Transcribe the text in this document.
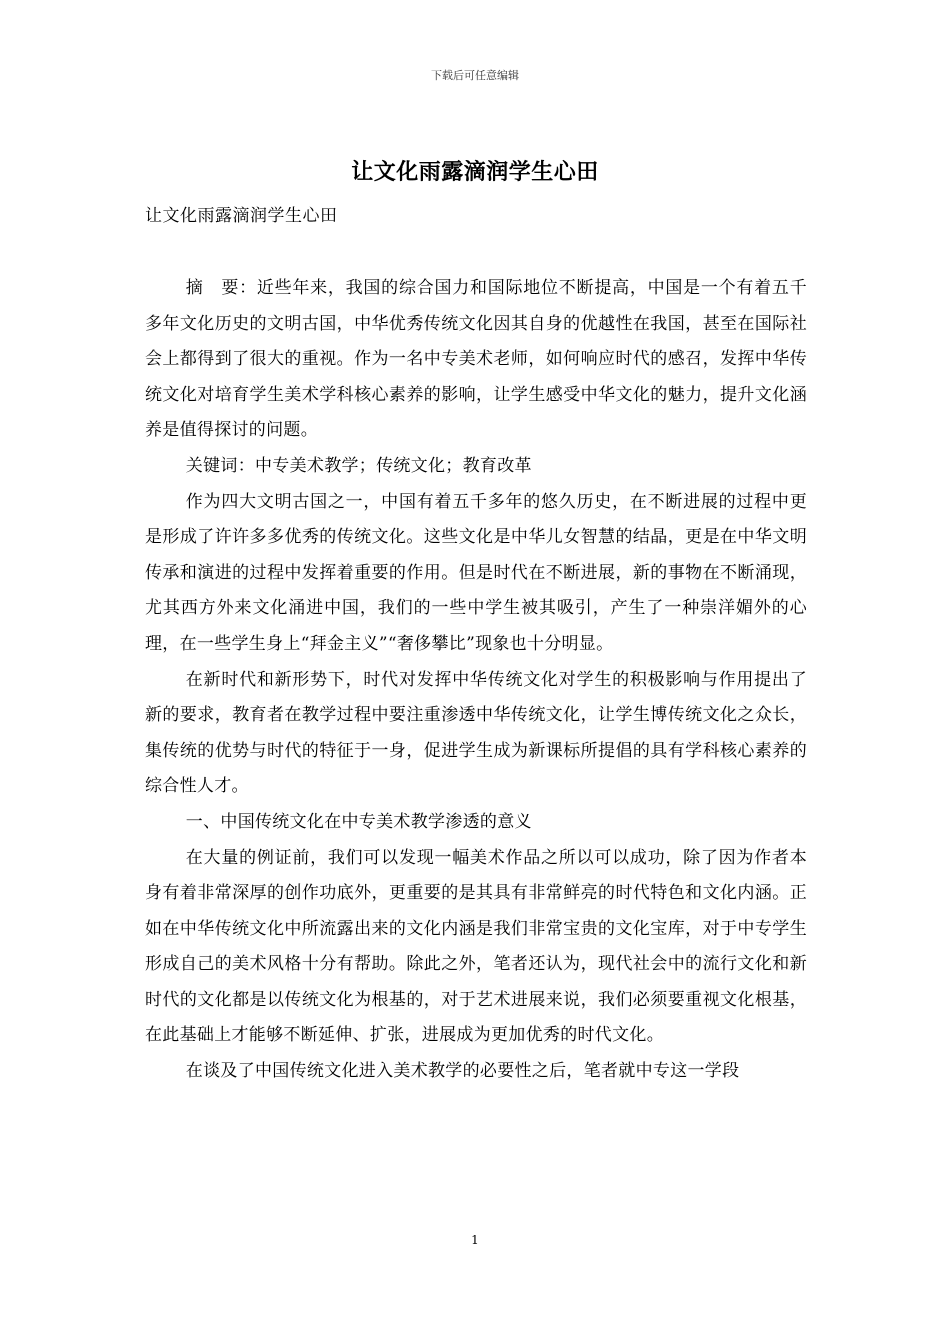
下载后可任意编辑
让文化雨露滴润学生心田
让文化雨露滴润学生心田

摘　要：近些年来，我国的综合国力和国际地位不断提高，中国是一个有着五千多年文化历史的文明古国，中华优秀传统文化因其自身的优越性在我国，甚至在国际社会上都得到了很大的重视。作为一名中专美术老师，如何响应时代的感召，发挥中华传统文化对培育学生美术学科核心素养的影响，让学生感受中华文化的魅力，提升文化涵养是值得探讨的问题。

关键词：中专美术教学；传统文化；教育改革

作为四大文明古国之一，中国有着五千多年的悠久历史，在不断进展的过程中更是形成了许许多多优秀的传统文化。这些文化是中华儿女智慧的结晶，更是在中华文明传承和演进的过程中发挥着重要的作用。但是时代在不断进展，新的事物在不断涌现，尤其西方外来文化涌进中国，我们的一些中学生被其吸引，产生了一种崇洋媚外的心理，在一些学生身上“拜金主义”“奢侈攀比”现象也十分明显。

在新时代和新形势下，时代对发挥中华传统文化对学生的积极影响与作用提出了新的要求，教育者在教学过程中要注重渗透中华传统文化，让学生博传统文化之众长，集传统的优势与时代的特征于一身，促进学生成为新课标所提倡的具有学科核心素养的综合性人才。

一、中国传统文化在中专美术教学渗透的意义

在大量的例证前，我们可以发现一幅美术作品之所以可以成功，除了因为作者本身有着非常深厚的创作功底外，更重要的是其具有非常鲜亮的时代特色和文化内涵。正如在中华传统文化中所流露出来的文化内涵是我们非常宝贵的文化宝库，对于中专学生形成自己的美术风格十分有帮助。除此之外，笔者还认为，现代社会中的流行文化和新时代的文化都是以传统文化为根基的，对于艺术进展来说，我们必须要重视文化根基，在此基础上才能够不断延伸、扩张，进展成为更加优秀的时代文化。

在谈及了中国传统文化进入美术教学的必要性之后，笔者就中专这一学段

1
